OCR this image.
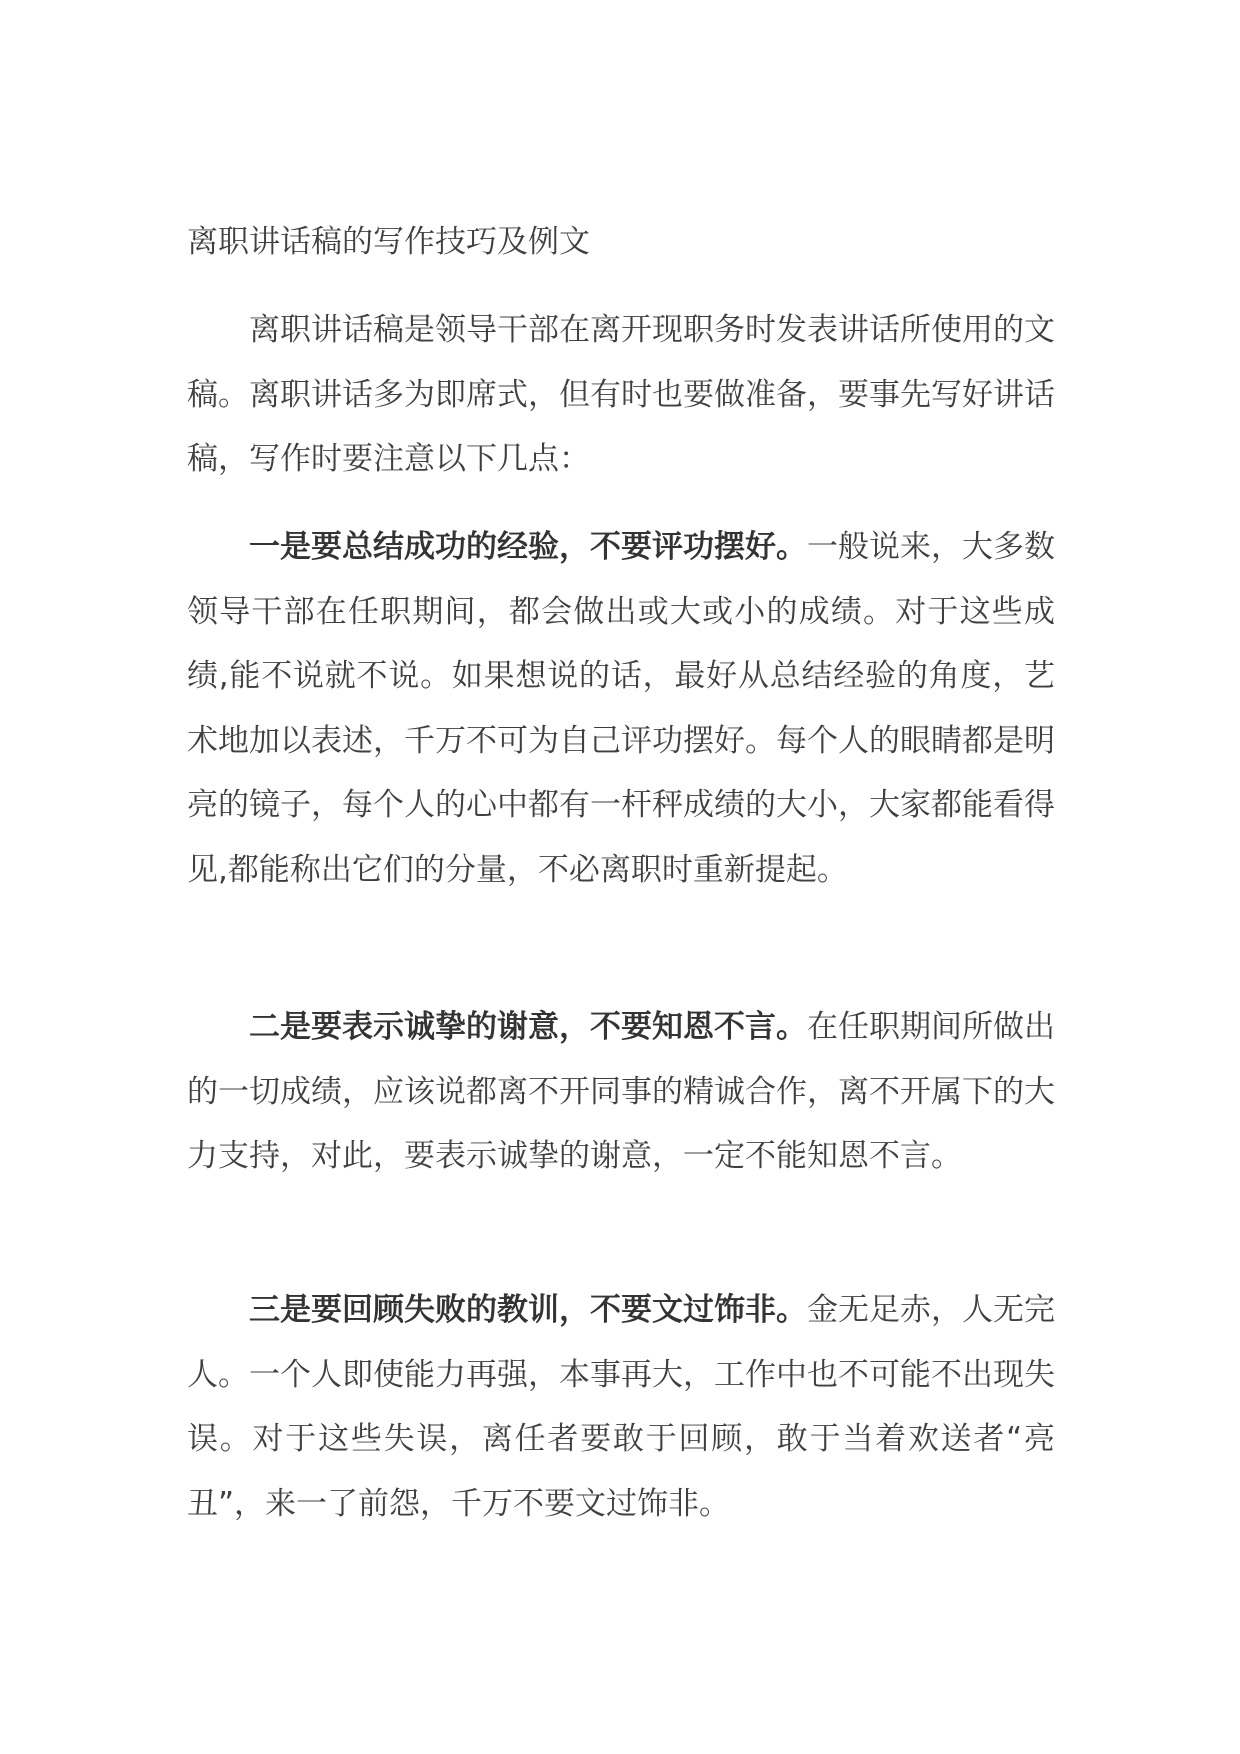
离职讲话稿的写作技巧及例文

离职讲话稿是领导干部在离开现职务时发表讲话所使用的文稿。离职讲话多为即席式，但有时也要做准备，要事先写好讲话稿，写作时要注意以下几点：

一是要总结成功的经验，不要评功摆好。一般说来，大多数领导干部在任职期间，都会做出或大或小的成绩。对于这些成绩,能不说就不说。如果想说的话，最好从总结经验的角度，艺术地加以表述，千万不可为自己评功摆好。每个人的眼睛都是明亮的镜子，每个人的心中都有一杆秤成绩的大小，大家都能看得见,都能称出它们的分量，不必离职时重新提起。

二是要表示诚挚的谢意，不要知恩不言。在任职期间所做出的一切成绩，应该说都离不开同事的精诚合作，离不开属下的大力支持，对此，要表示诚挚的谢意，一定不能知恩不言。

三是要回顾失败的教训，不要文过饰非。金无足赤，人无完人。一个人即使能力再强，本事再大，工作中也不可能不出现失误。对于这些失误，离任者要敢于回顾，敢于当着欢送者“亮丑”，来一了前怨，千万不要文过饰非。
